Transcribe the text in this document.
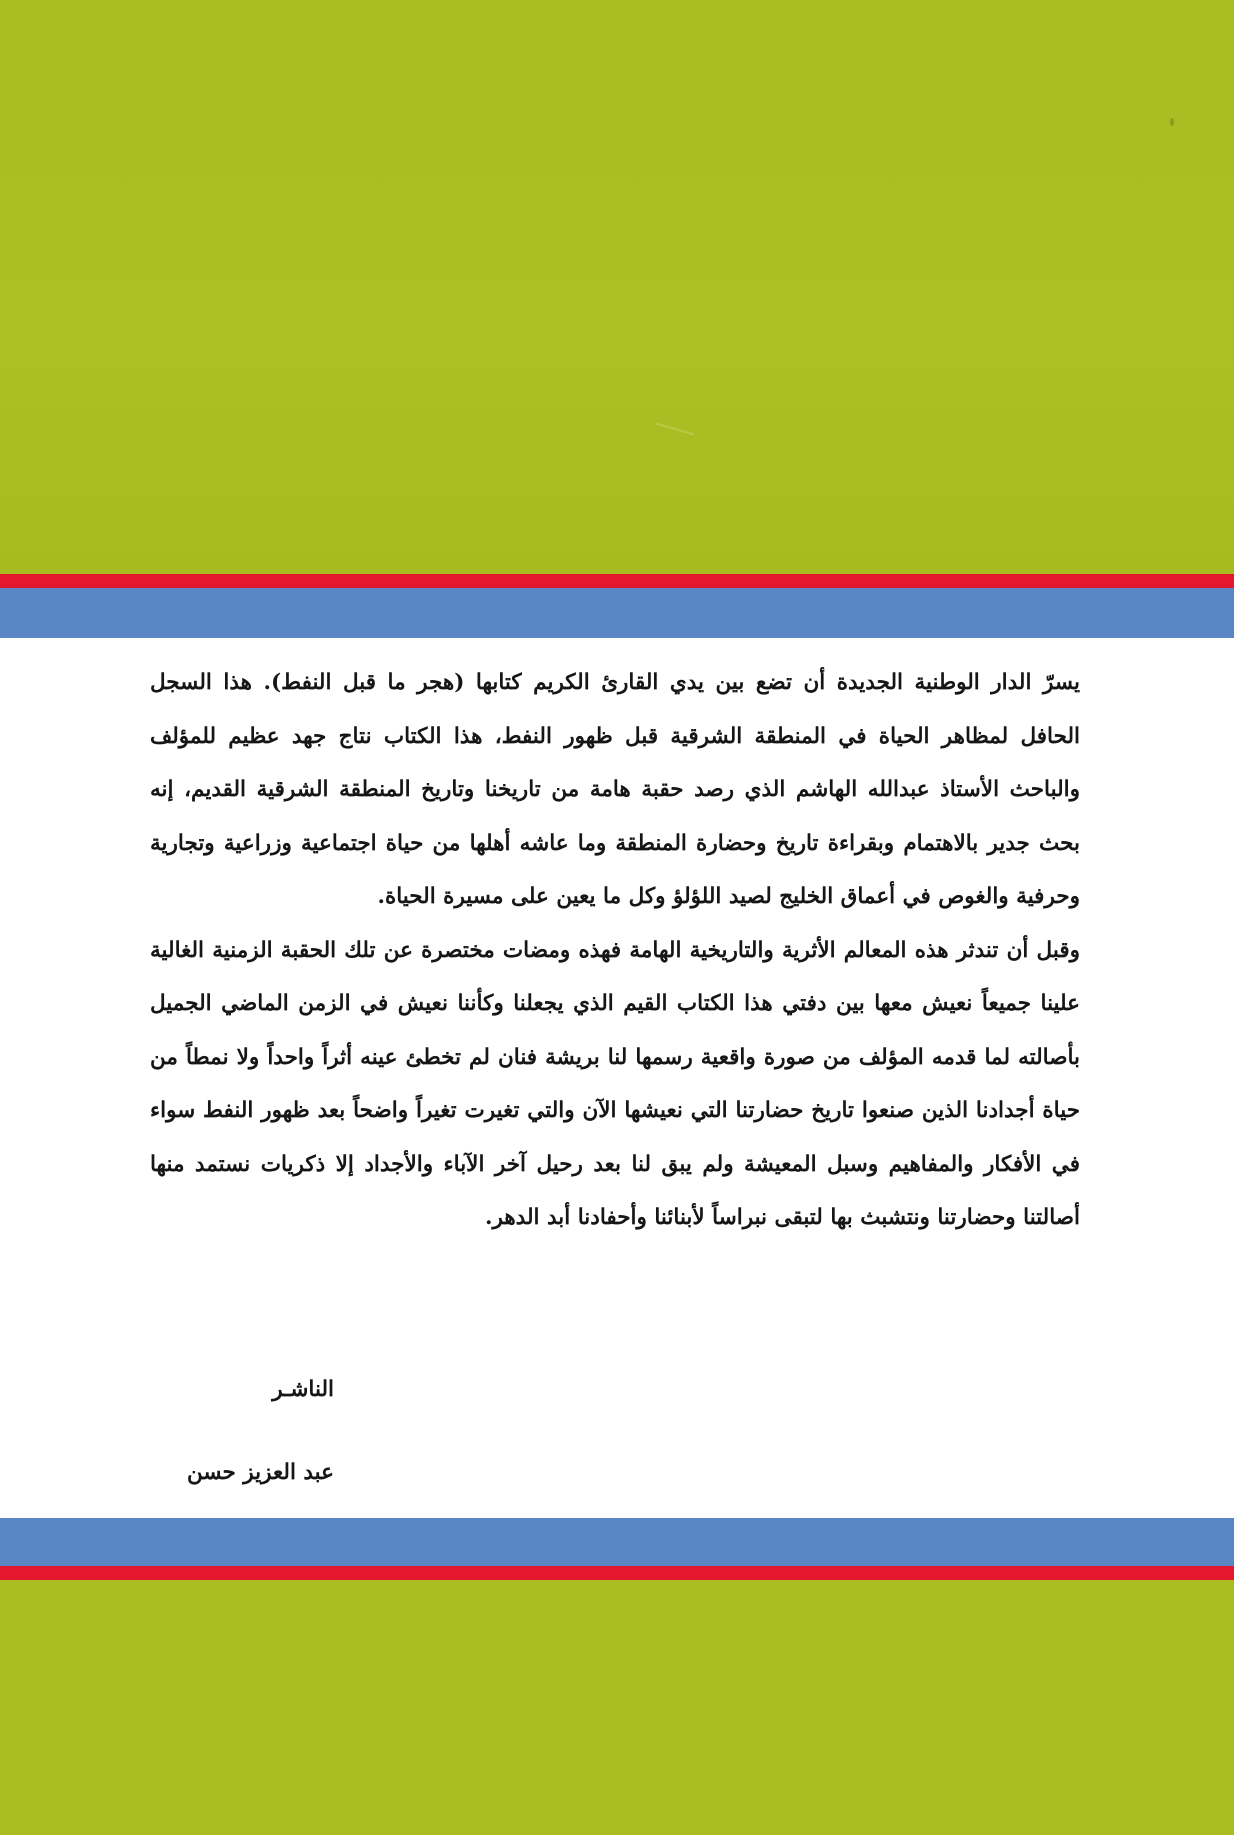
يسرّ الدار الوطنية الجديدة أن تضع بين يدي القارئ الكريم كتابها (هجر ما قبل النفط). هذا السجل الحافل لمظاهر الحياة في المنطقة الشرقية قبل ظهور النفط، هذا الكتاب نتاج جهد عظيم للمؤلف والباحث الأستاذ عبدالله الهاشم الذي رصد حقبة هامة من تاريخنا وتاريخ المنطقة الشرقية القديم، إنه بحث جدير بالاهتمام وبقراءة تاريخ وحضارة المنطقة وما عاشه أهلها من حياة اجتماعية وزراعية وتجارية وحرفية والغوص في أعماق الخليج لصيد اللؤلؤ وكل ما يعين على مسيرة الحياة.

وقبل أن تندثر هذه المعالم الأثرية والتاريخية الهامة فهذه ومضات مختصرة عن تلك الحقبة الزمنية الغالية علينا جميعاً نعيش معها بين دفتي هذا الكتاب القيم الذي يجعلنا وكأننا نعيش في الزمن الماضي الجميل بأصالته لما قدمه المؤلف من صورة واقعية رسمها لنا بريشة فنان لم تخطئ عينه أثراً واحداً ولا نمطاً من حياة أجدادنا الذين صنعوا تاريخ حضارتنا التي نعيشها الآن والتي تغيرت تغيراً واضحاً بعد ظهور النفط سواء في الأفكار والمفاهيم وسبل المعيشة ولم يبق لنا بعد رحيل آخر الآباء والأجداد إلا ذكريات نستمد منها أصالتنا وحضارتنا ونتشبث بها لتبقى نبراساً لأبنائنا وأحفادنا أبد الدهر.

الناشـر
عبد العزيز حسن
